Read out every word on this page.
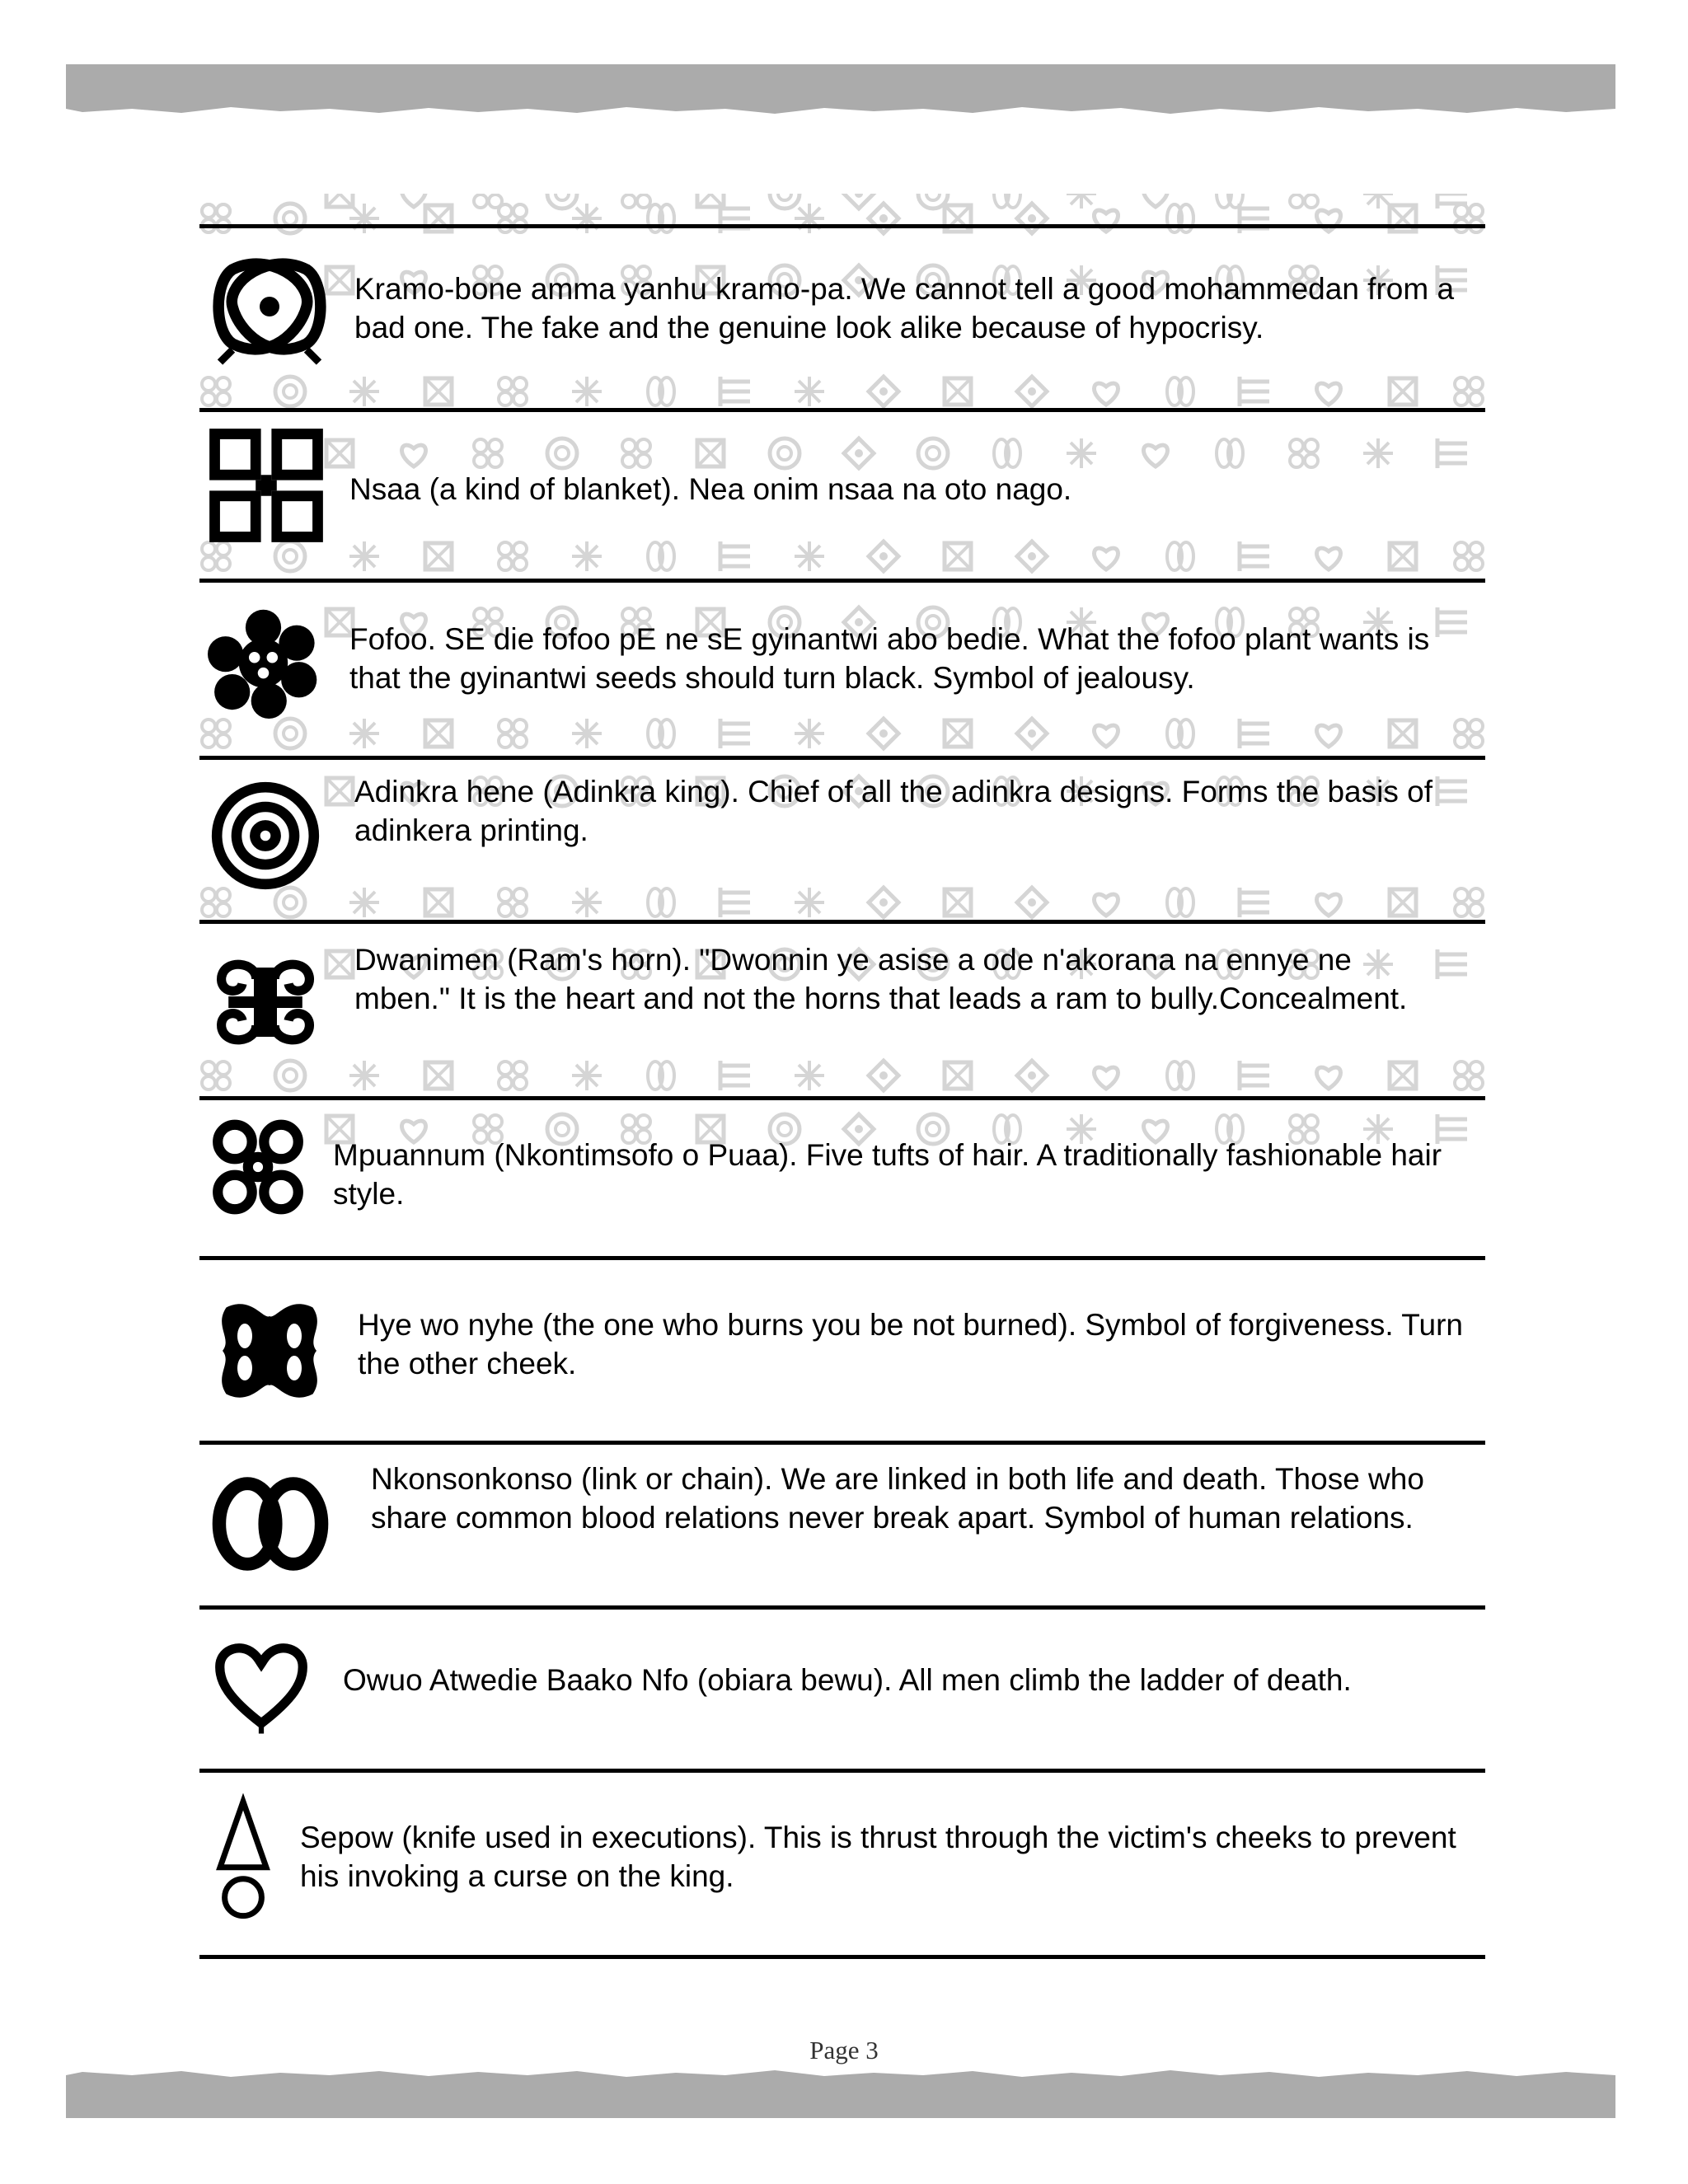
Kramo-bone amma yanhu kramo-pa. We cannot tell a good mohammedan from a bad one. The fake and the genuine look alike because of hypocrisy.
Nsaa (a kind of blanket). Nea onim nsaa na oto nago.
Fofoo. SE die fofoo pE ne sE gyinantwi abo bedie. What the fofoo plant wants is that the gyinantwi seeds should turn black. Symbol of jealousy.
Adinkra hene (Adinkra king). Chief of all the adinkra designs. Forms the basis of adinkera printing.
Dwanimen (Ram's horn). "Dwonnin ye asise a ode n'akorana na ennye ne mben." It is the heart and not the horns that leads a ram to bully.Concealment.
Mpuannum (Nkontimsofo o Puaa). Five tufts of hair. A traditionally fashionable hair style.
Hye wo nyhe (the one who burns you be not burned). Symbol of forgiveness. Turn the other cheek.
Nkonsonkonso (link or chain). We are linked in both life and death. Those who share common blood relations never break apart. Symbol of human relations.
Owuo Atwedie Baako Nfo (obiara bewu). All men climb the ladder of death.
Sepow (knife used in executions). This is thrust through the victim's cheeks to prevent his invoking a curse on the king.
Page 3
